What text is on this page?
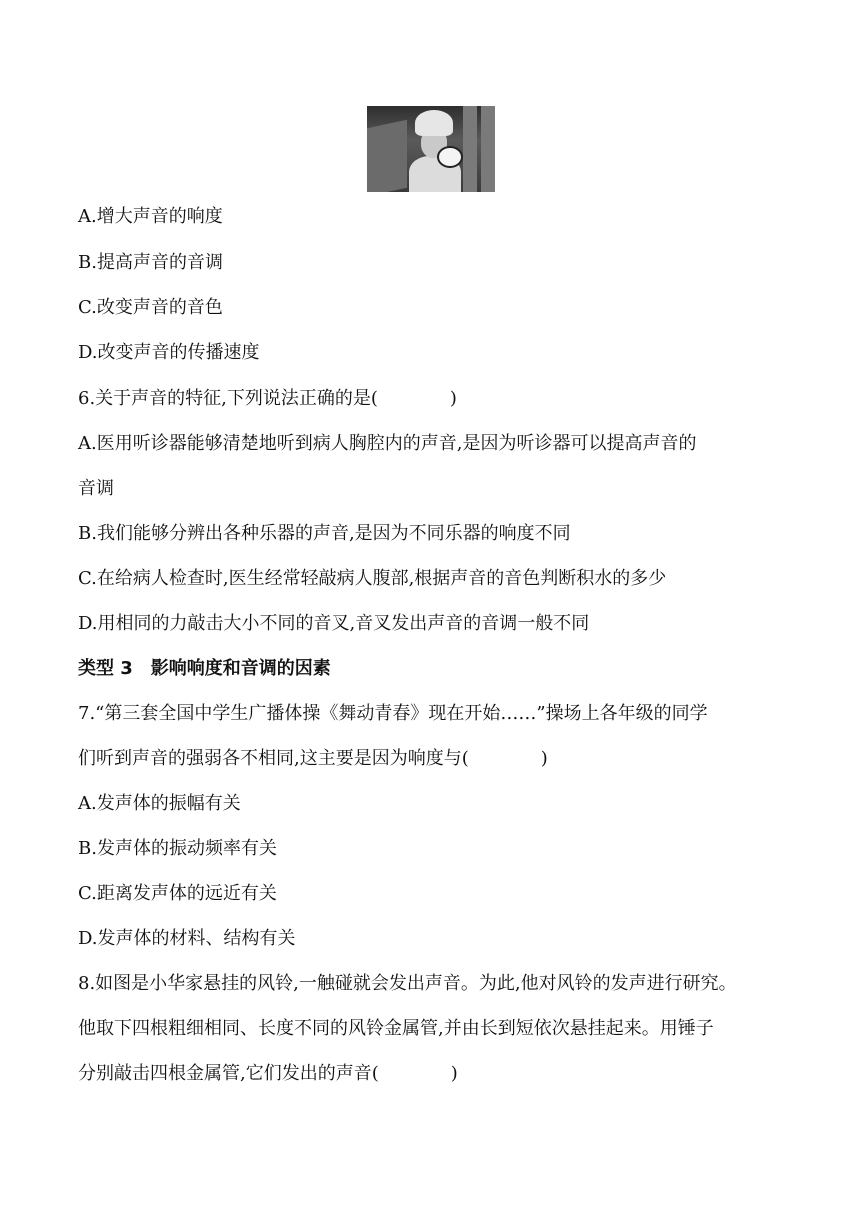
A.增大声音的响度
B.提高声音的音调
C.改变声音的音色
D.改变声音的传播速度
6.关于声音的特征,下列说法正确的是(　　　　)
A.医用听诊器能够清楚地听到病人胸腔内的声音,是因为听诊器可以提高声音的
音调
B.我们能够分辨出各种乐器的声音,是因为不同乐器的响度不同
C.在给病人检查时,医生经常轻敲病人腹部,根据声音的音色判断积水的多少
D.用相同的力敲击大小不同的音叉,音叉发出声音的音调一般不同
类型 3　影响响度和音调的因素
7.“第三套全国中学生广播体操《舞动青春》现在开始……”操场上各年级的同学
们听到声音的强弱各不相同,这主要是因为响度与(　　　　)
A.发声体的振幅有关
B.发声体的振动频率有关
C.距离发声体的远近有关
D.发声体的材料、结构有关
8.如图是小华家悬挂的风铃,一触碰就会发出声音。为此,他对风铃的发声进行研究。
他取下四根粗细相同、长度不同的风铃金属管,并由长到短依次悬挂起来。用锤子
分别敲击四根金属管,它们发出的声音(　　　　)
